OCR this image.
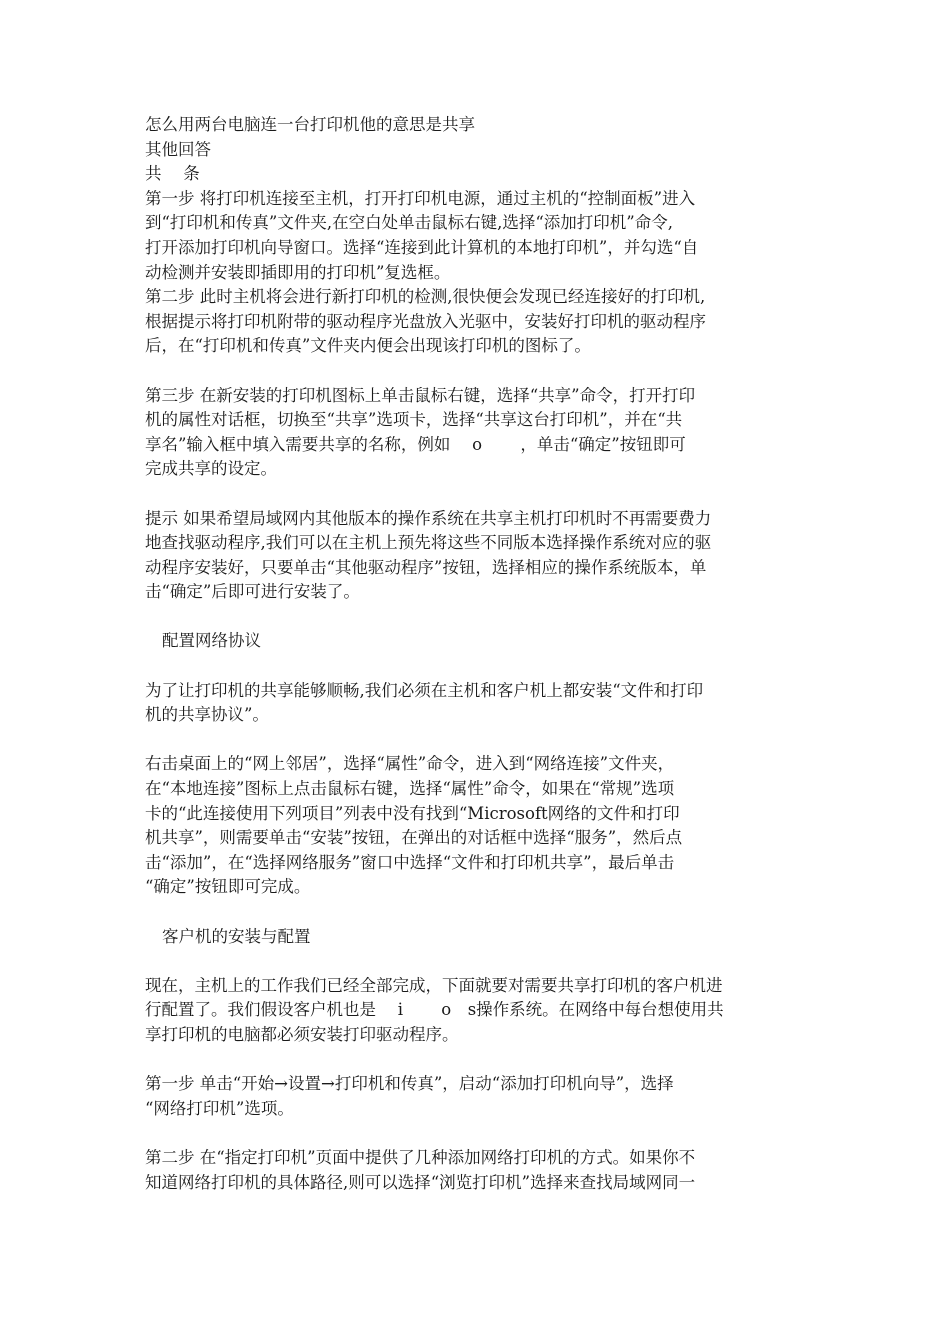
怎么用两台电脑连一台打印机他的意思是共享
其他回答
共　 条
第一步 将打印机连接至主机，打开打印机电源，通过主机的“控制面板”进入
到“打印机和传真”文件夹,在空白处单击鼠标右键,选择“添加打印机”命令,
打开添加打印机向导窗口。选择“连接到此计算机的本地打印机”，并勾选“自
动检测并安装即插即用的打印机”复选框。
第二步 此时主机将会进行新打印机的检测,很快便会发现已经连接好的打印机,
根据提示将打印机附带的驱动程序光盘放入光驱中，安装好打印机的驱动程序
后，在“打印机和传真”文件夹内便会出现该打印机的图标了。
第三步 在新安装的打印机图标上单击鼠标右键，选择“共享”命令，打开打印
机的属性对话框，切换至“共享”选项卡，选择“共享这台打印机”，并在“共
享名”输入框中填入需要共享的名称，例如　 o　　 ，单击“确定”按钮即可
完成共享的设定。
提示 如果希望局域网内其他版本的操作系统在共享主机打印机时不再需要费力
地查找驱动程序,我们可以在主机上预先将这些不同版本选择操作系统对应的驱
动程序安装好，只要单击“其他驱动程序”按钮，选择相应的操作系统版本，单
击“确定”后即可进行安装了。
配置网络协议
为了让打印机的共享能够顺畅,我们必须在主机和客户机上都安装“文件和打印
机的共享协议”。
右击桌面上的“网上邻居”，选择“属性”命令，进入到“网络连接”文件夹，
在“本地连接”图标上点击鼠标右键，选择“属性”命令，如果在“常规”选项
卡的“此连接使用下列项目”列表中没有找到“Microsoft网络的文件和打印
机共享”，则需要单击“安装”按钮，在弹出的对话框中选择“服务”，然后点
击“添加”，在“选择网络服务”窗口中选择“文件和打印机共享”，最后单击
“确定”按钮即可完成。
客户机的安装与配置
现在，主机上的工作我们已经全部完成，下面就要对需要共享打印机的客户机进
行配置了。我们假设客户机也是　 i　　 o　s操作系统。在网络中每台想使用共
享打印机的电脑都必须安装打印驱动程序。
第一步 单击“开始→设置→打印机和传真”，启动“添加打印机向导”，选择
“网络打印机”选项。
第二步 在“指定打印机”页面中提供了几种添加网络打印机的方式。如果你不
知道网络打印机的具体路径,则可以选择“浏览打印机”选择来查找局域网同一
